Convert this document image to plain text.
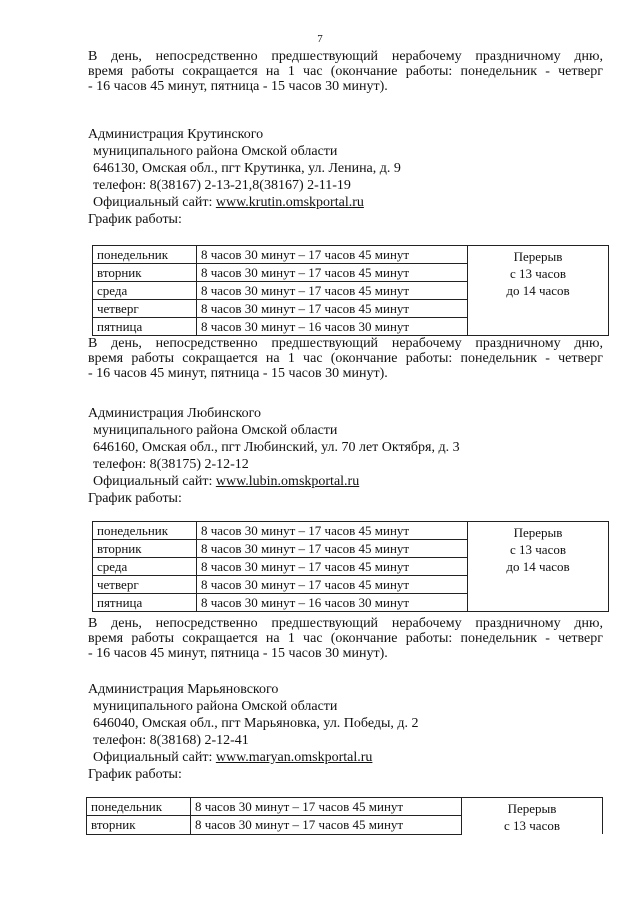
7
В день, непосредственно предшествующий нерабочему праздничному дню,
время работы сокращается на 1 час (окончание работы: понедельник - четверг
- 16 часов 45 минут, пятница - 15 часов 30 минут).
Администрация Крутинского
муниципального района Омской области
646130, Омская обл., пгт Крутинка, ул. Ленина, д. 9
телефон: 8(38167) 2-13-21,8(38167) 2-11-19
Официальный сайт: www.krutin.omskportal.ru
График работы:
понедельник	8 часов 30 минут – 17 часов 45 минут	Перерыв
с 13 часов
до 14 часов

вторник	8 часов 30 минут – 17 часов 45 минут	
среда	8 часов 30 минут – 17 часов 45 минут	
четверг	8 часов 30 минут – 17 часов 45 минут	
пятница	8 часов 30 минут – 16 часов 30 минут	
В день, непосредственно предшествующий нерабочему праздничному дню,
время работы сокращается на 1 час (окончание работы: понедельник - четверг
- 16 часов 45 минут, пятница - 15 часов 30 минут).
Администрация Любинского
муниципального района Омской области
646160, Омская обл., пгт Любинский, ул. 70 лет Октября, д. 3
телефон: 8(38175) 2-12-12
Официальный сайт: www.lubin.omskportal.ru
График работы:
понедельник	8 часов 30 минут – 17 часов 45 минут	Перерыв
с 13 часов
до 14 часов

вторник	8 часов 30 минут – 17 часов 45 минут	
среда	8 часов 30 минут – 17 часов 45 минут	
четверг	8 часов 30 минут – 17 часов 45 минут	
пятница	8 часов 30 минут – 16 часов 30 минут	
В день, непосредственно предшествующий нерабочему праздничному дню,
время работы сокращается на 1 час (окончание работы: понедельник - четверг
- 16 часов 45 минут, пятница - 15 часов 30 минут).
Администрация Марьяновского
муниципального района Омской области
646040, Омская обл., пгт Марьяновка, ул. Победы, д. 2
телефон: 8(38168) 2-12-41
Официальный сайт: www.maryan.omskportal.ru
График работы:
понедельник	8 часов 30 минут – 17 часов 45 минут	Перерыв
с 13 часов

вторник	8 часов 30 минут – 17 часов 45 минут	
